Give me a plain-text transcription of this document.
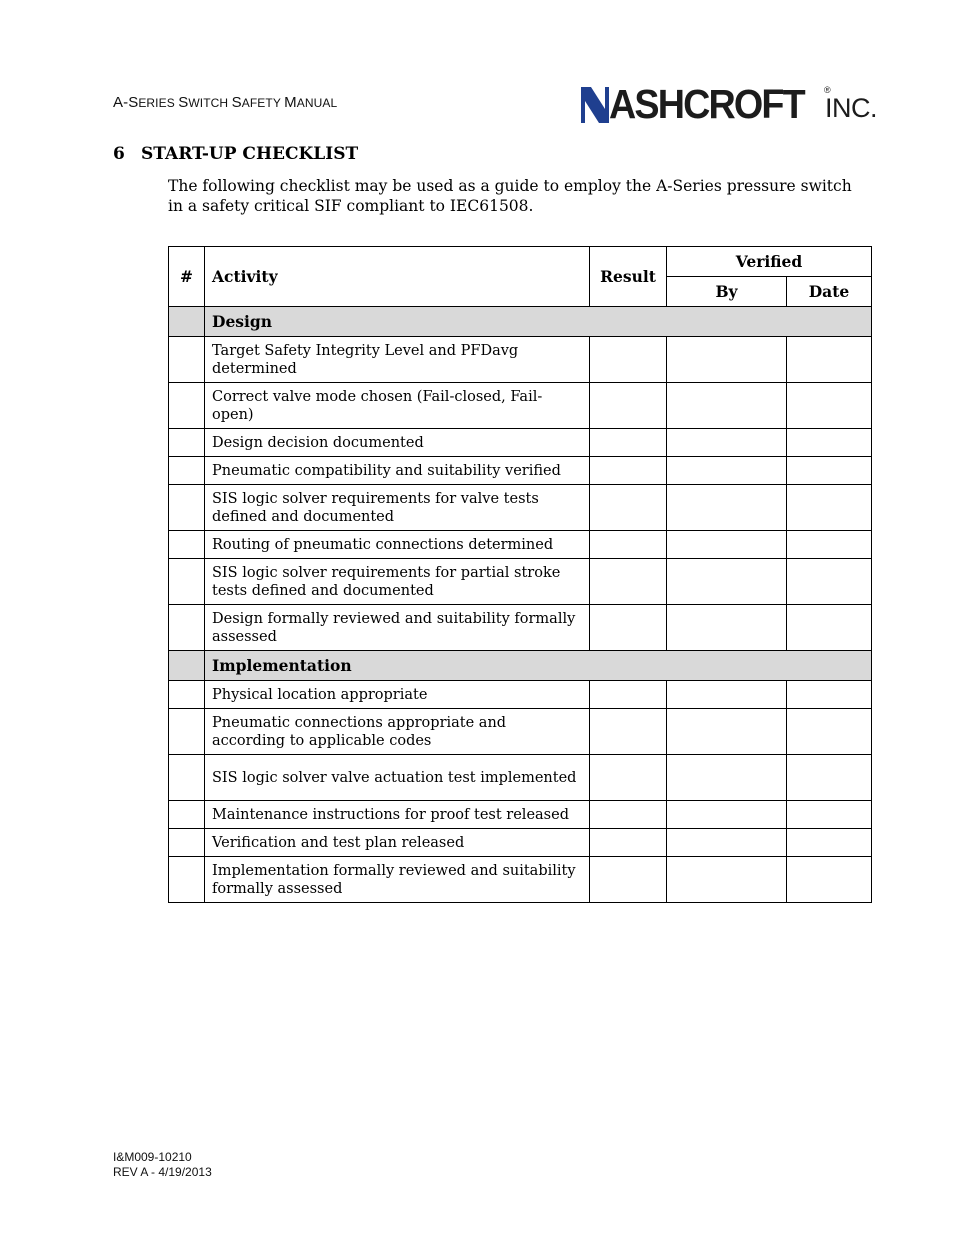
A-SERIES SWITCH SAFETY MANUAL	ASHCROFT ®
INC.
6 START-UP CHECKLIST
The following checklist may be used as a guide to employ the A-Series pressure switch in a safety critical SIF compliant to IEC61508.
#	Activity	Result	Verified	
			By	Date
	Design			
	Target Safety Integrity Level and PFDavg determined			
	Correct valve mode chosen (Fail-closed, Fail-open)			
	Design decision documented			
	Pneumatic compatibility and suitability verified			
	SIS logic solver requirements for valve tests defined and documented			
	Routing of pneumatic connections determined			
	SIS logic solver requirements for partial stroke tests defined and documented			
	Design formally reviewed and suitability formally assessed			
	Implementation			
	Physical location appropriate			
	Pneumatic connections appropriate and according to applicable codes			
	SIS logic solver valve actuation test implemented			
	Maintenance instructions for proof test released			
	Verification and test plan released			
	Implementation formally reviewed and suitability formally assessed			
I&M009-10210
REV A - 4/19/2013
